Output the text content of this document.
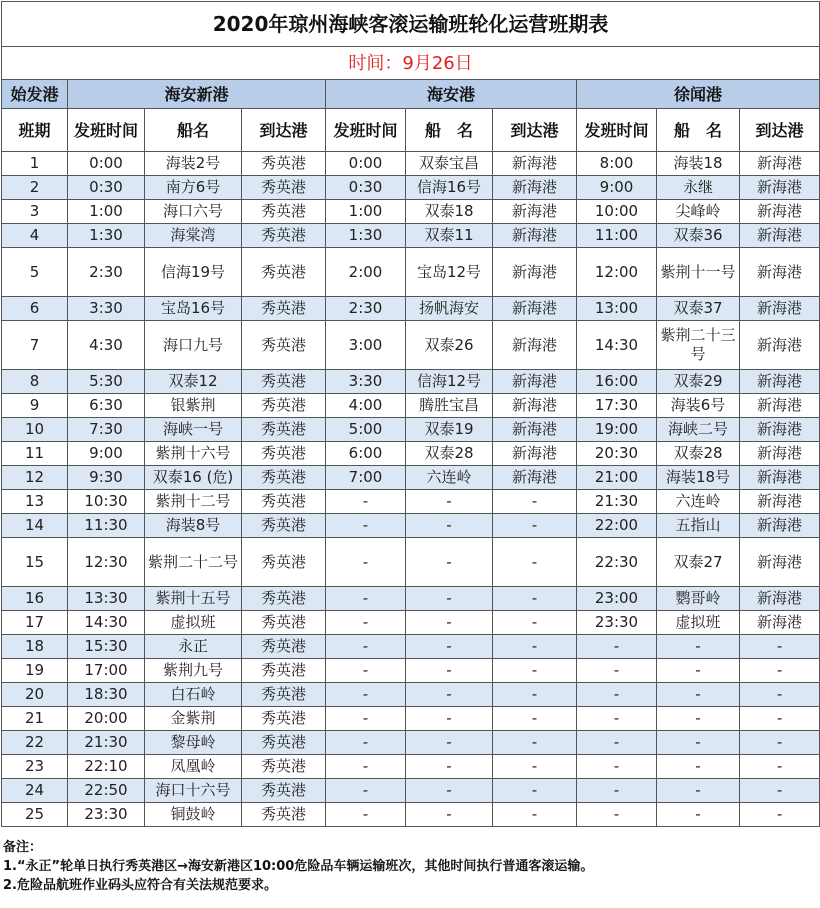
2020年琼州海峡客滚运输班轮化运营班期表									
时间：9月26日									
始发港	海安新港			海安港			徐闻港		
班期	发班时间	船名	到达港	发班时间	船　名	到达港	发班时间	船　名	到达港
1	0:00	海装2号	秀英港	0:00	双泰宝昌	新海港	8:00	海装18	新海港
2	0:30	南方6号	秀英港	0:30	信海16号	新海港	9:00	永继	新海港
3	1:00	海口六号	秀英港	1:00	双泰18	新海港	10:00	尖峰岭	新海港
4	1:30	海棠湾	秀英港	1:30	双泰11	新海港	11:00	双泰36	新海港
5	2:30	信海19号	秀英港	2:00	宝岛12号	新海港	12:00	紫荆十一号	新海港
6	3:30	宝岛16号	秀英港	2:30	扬帆海安	新海港	13:00	双泰37	新海港
7	4:30	海口九号	秀英港	3:00	双泰26	新海港	14:30	紫荆二十三号	新海港
8	5:30	双泰12	秀英港	3:30	信海12号	新海港	16:00	双泰29	新海港
9	6:30	银紫荆	秀英港	4:00	腾胜宝昌	新海港	17:30	海装6号	新海港
10	7:30	海峡一号	秀英港	5:00	双泰19	新海港	19:00	海峡二号	新海港
11	9:00	紫荆十六号	秀英港	6:00	双泰28	新海港	20:30	双泰28	新海港
12	9:30	双泰16 (危)	秀英港	7:00	六连岭	新海港	21:00	海装18号	新海港
13	10:30	紫荆十二号	秀英港	-	-	-	21:30	六连岭	新海港
14	11:30	海装8号	秀英港	-	-	-	22:00	五指山	新海港
15	12:30	紫荆二十二号	秀英港	-	-	-	22:30	双泰27	新海港
16	13:30	紫荆十五号	秀英港	-	-	-	23:00	鹦哥岭	新海港
17	14:30	虚拟班	秀英港	-	-	-	23:30	虚拟班	新海港
18	15:30	永正	秀英港	-	-	-	-	-	-
19	17:00	紫荆九号	秀英港	-	-	-	-	-	-
20	18:30	白石岭	秀英港	-	-	-	-	-	-
21	20:00	金紫荆	秀英港	-	-	-	-	-	-
22	21:30	黎母岭	秀英港	-	-	-	-	-	-
23	22:10	凤凰岭	秀英港	-	-	-	-	-	-
24	22:50	海口十六号	秀英港	-	-	-	-	-	-
25	23:30	铜鼓岭	秀英港	-	-	-	-	-	-
备注：
1.“永正”轮单日执行秀英港区→海安新港区10:00危险品车辆运输班次，其他时间执行普通客滚运输。
2.危险品航班作业码头应符合有关法规范要求。
